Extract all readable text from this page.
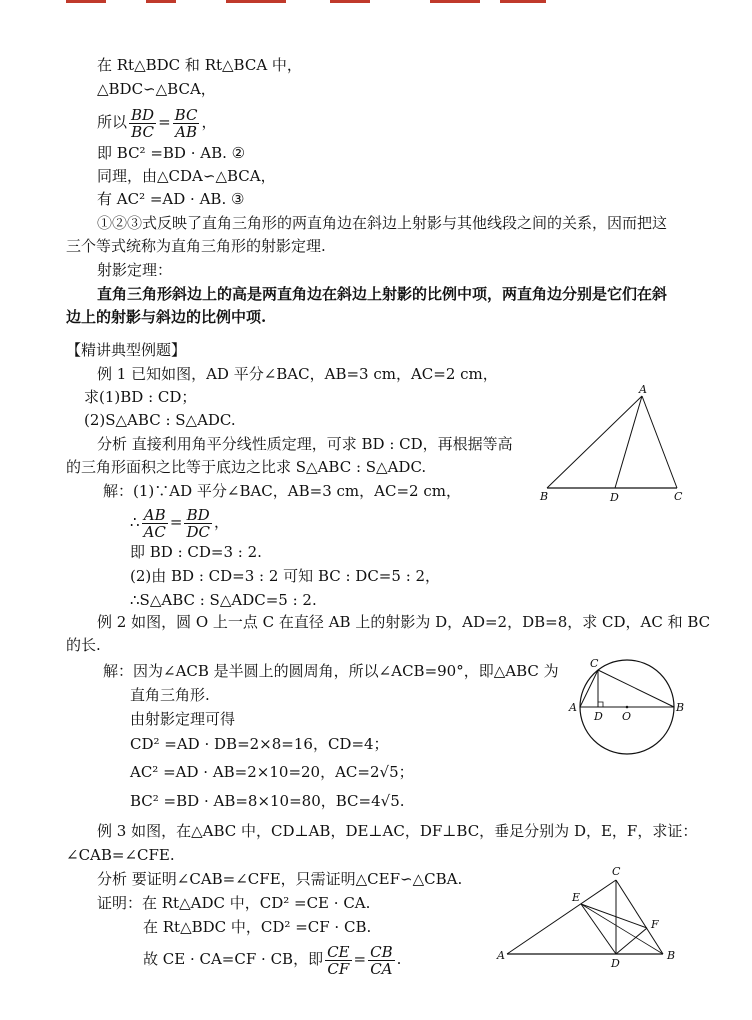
在 Rt△BDC 和 Rt△BCA 中，
△BDC∽△BCA，
所以 $\frac{BD}{BC} = \frac{BC}{AB}$ ，
即 BC² =BD · AB. ②
同理，由△CDA∽△BCA，
有 AC² =AD · AB. ③
①②③式反映了直角三角形的两直角边在斜边上射影与其他线段之间的关系，因而把这
三个等式统称为直角三角形的射影定理.
射影定理：
直角三角形斜边上的高是两直角边在斜边上射影的比例中项，两直角边分别是它们在斜
边上的射影与斜边的比例中项.
【精讲典型例题】
例 1 已知如图，AD 平分∠BAC，AB=3 cm，AC=2 cm，
求(1)BD : CD；
(2)S△ABC : S△ADC.
分析 直接利用角平分线性质定理，可求 BD : CD，再根据等高
的三角形面积之比等于底边之比求 S△ABC : S△ADC.
解：(1)∵AD 平分∠BAC，AB=3 cm，AC=2 cm，
∴ $\frac{AB}{AC} = \frac{BD}{DC}$ ，
即 BD : CD=3 : 2.
(2)由 BD : CD=3 : 2 可知 BC : DC=5 : 2，
∴S△ABC : S△ADC=5 : 2.
A
B	D	C
例 2 如图，圆 O 上一点 C 在直径 AB 上的射影为 D，AD=2，DB=8，求 CD，AC 和 BC
的长.
解：因为∠ACB 是半圆上的圆周角，所以∠ACB=90°，即△ABC 为
直角三角形.
由射影定理可得
CD² =AD · DB=2×8=16，CD=4；
AC² =AD · AB=2×10=20，AC=2√5；
BC² =BD · AB=8×10=80，BC=4√5.
C
A
D O
B
例 3 如图，在△ABC 中，CD⊥AB，DE⊥AC，DF⊥BC，垂足分别为 D，E，F，求证：
∠CAB=∠CFE.
分析 要证明∠CAB=∠CFE，只需证明△CEF∽△CBA.
证明：在 Rt△ADC 中，CD² =CE · CA.
在 Rt△BDC 中，CD² =CF · CB.
故 CE · CA=CF · CB，即 $\frac{CE}{CF} = \frac{CB}{CA}$ .
C
E
F
A
D
B
